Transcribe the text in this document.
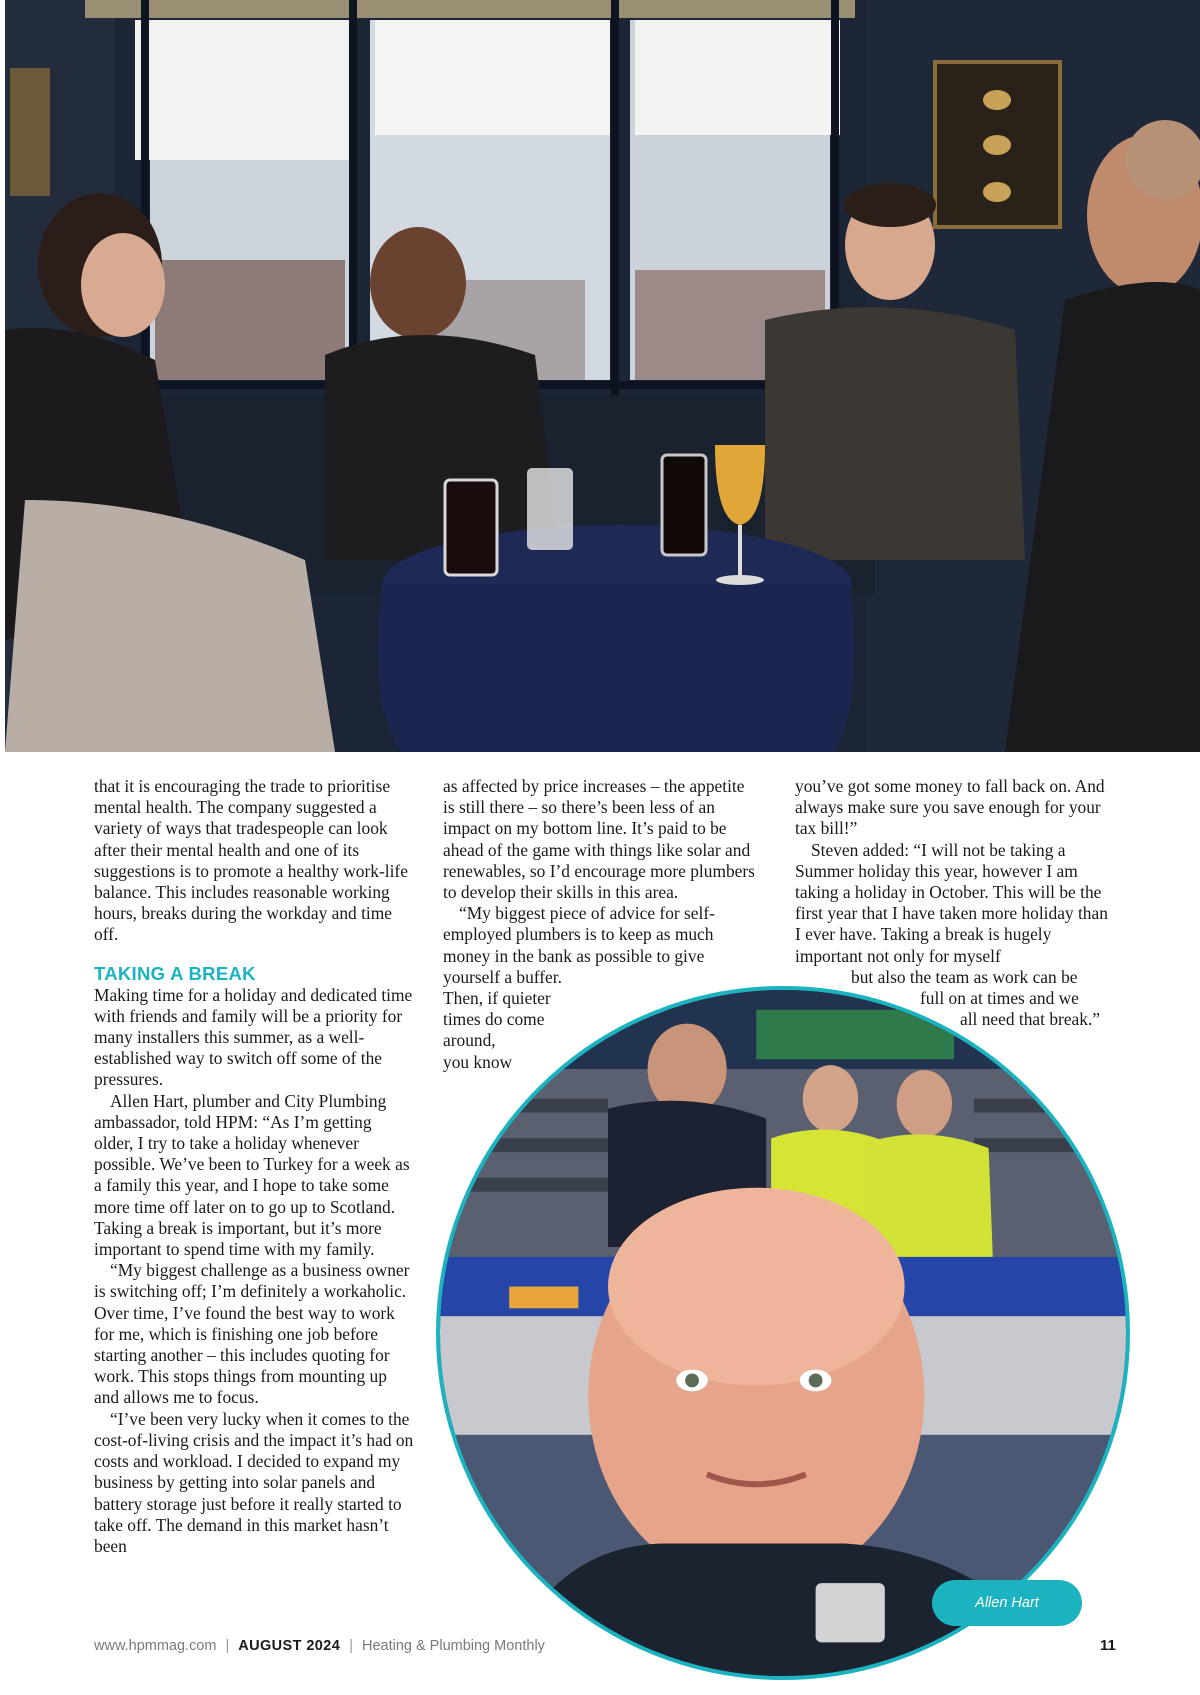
that it is encouraging the trade to prioritise mental health. The company suggested a variety of ways that tradespeople can look after their mental health and one of its suggestions is to promote a healthy work-life balance. This includes reasonable working hours, breaks during the workday and time off.

TAKING A BREAK

Making time for a holiday and dedicated time with friends and family will be a priority for many installers this summer, as a well-established way to switch off some of the pressures.

Allen Hart, plumber and City Plumbing ambassador, told HPM: “As I’m getting older, I try to take a holiday whenever possible. We’ve been to Turkey for a week as a family this year, and I hope to take some more time off later on to go up to Scotland. Taking a break is important, but it’s more important to spend time with my family.

“My biggest challenge as a business owner is switching off; I’m definitely a workaholic. Over time, I’ve found the best way to work for me, which is finishing one job before starting another – this includes quoting for work. This stops things from mounting up and allows me to focus.

“I’ve been very lucky when it comes to the cost-of-living crisis and the impact it’s had on costs and workload. I decided to expand my business by getting into solar panels and battery storage just before it really started to take off. The demand in this market hasn’t been

as affected by price increases – the appetite is still there – so there’s been less of an impact on my bottom line. It’s paid to be ahead of the game with things like solar and renewables, so I’d encourage more plumbers to develop their skills in this area.

“My biggest piece of advice for self-employed plumbers is to keep as much money in the bank as possible to give yourself a buffer.

Then, if quieter

times do come

around,

you know

you’ve got some money to fall back on. And always make sure you save enough for your tax bill!”

Steven added: “I will not be taking a Summer holiday this year, however I am taking a holiday in October. This will be the first year that I have taken more holiday than I ever have. Taking a break is hugely important not only for myself

but also the team as work can be

full on at times and we

all need that break.”

Allen Hart
www.hpmmag.com | AUGUST 2024 | Heating & Plumbing Monthly	11
